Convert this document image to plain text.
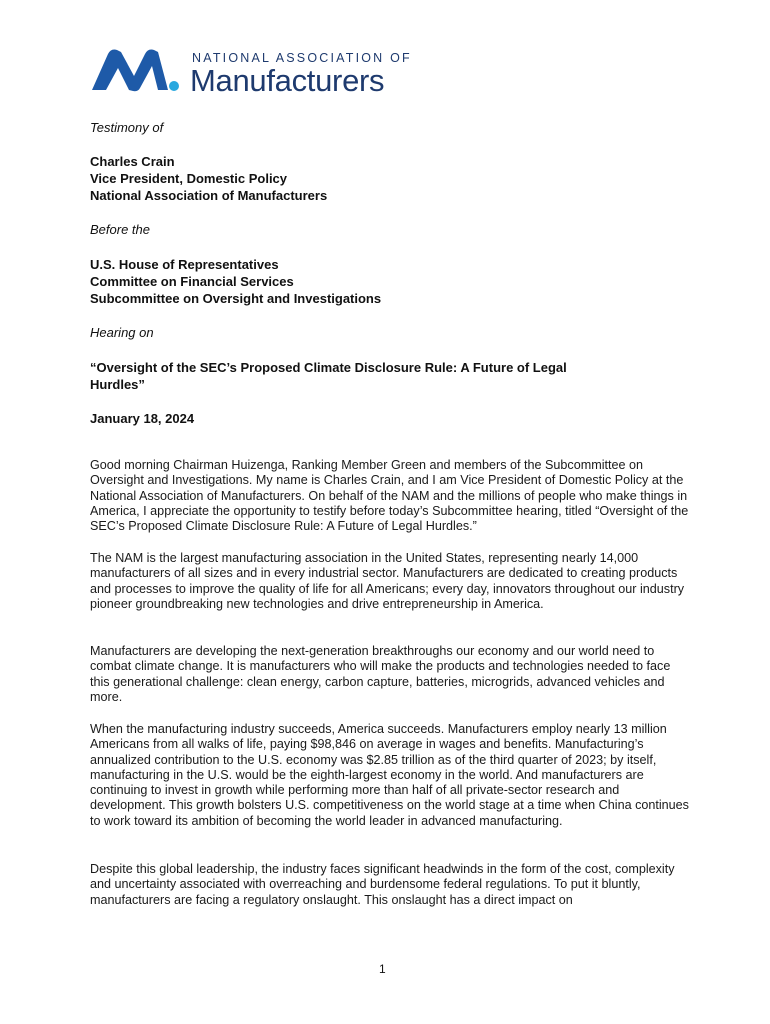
NATIONAL ASSOCIATION OF
Manufacturers
Testimony of
Charles Crain
Vice President, Domestic Policy
National Association of Manufacturers
Before the
U.S. House of Representatives
Committee on Financial Services
Subcommittee on Oversight and Investigations
Hearing on
“Oversight of the SEC’s Proposed Climate Disclosure Rule: A Future of Legal
Hurdles”
January 18, 2024

Good morning Chairman Huizenga, Ranking Member Green and members of the Subcommittee on Oversight and Investigations. My name is Charles Crain, and I am Vice President of Domestic Policy at the National Association of Manufacturers. On behalf of the NAM and the millions of people who make things in America, I appreciate the opportunity to testify before today’s Subcommittee hearing, titled “Oversight of the SEC’s Proposed Climate Disclosure Rule: A Future of Legal Hurdles.”

The NAM is the largest manufacturing association in the United States, representing nearly 14,000 manufacturers of all sizes and in every industrial sector. Manufacturers are dedicated to creating products and processes to improve the quality of life for all Americans; every day, innovators throughout our industry pioneer groundbreaking new technologies and drive entrepreneurship in America.

Manufacturers are developing the next-generation breakthroughs our economy and our world need to combat climate change. It is manufacturers who will make the products and technologies needed to face this generational challenge: clean energy, carbon capture, batteries, microgrids, advanced vehicles and more.

When the manufacturing industry succeeds, America succeeds. Manufacturers employ nearly 13 million Americans from all walks of life, paying $98,846 on average in wages and benefits. Manufacturing’s annualized contribution to the U.S. economy was $2.85 trillion as of the third quarter of 2023; by itself, manufacturing in the U.S. would be the eighth-largest economy in the world. And manufacturers are continuing to invest in growth while performing more than half of all private-sector research and development. This growth bolsters U.S. competitiveness on the world stage at a time when China continues to work toward its ambition of becoming the world leader in advanced manufacturing.

Despite this global leadership, the industry faces significant headwinds in the form of the cost, complexity and uncertainty associated with overreaching and burdensome federal regulations. To put it bluntly, manufacturers are facing a regulatory onslaught. This onslaught has a direct impact on

1
